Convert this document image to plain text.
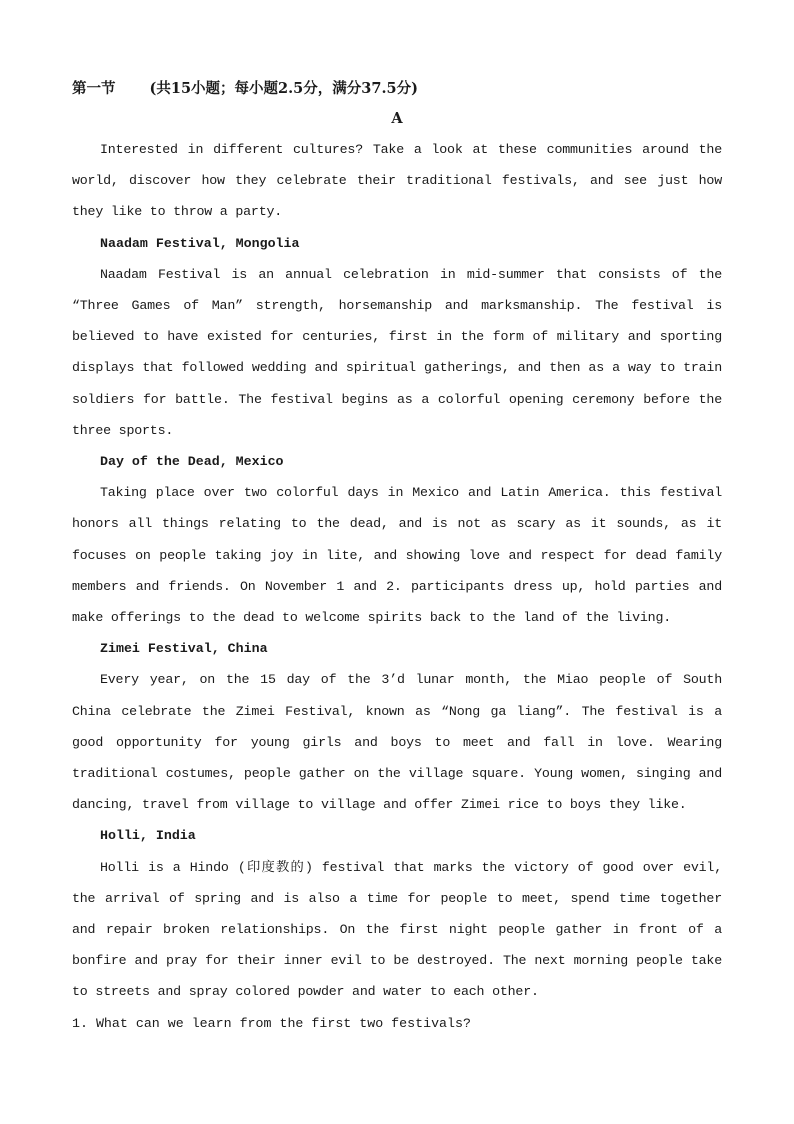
第一节 (共15小题；每小题2.5分，满分37.5分)
A

Interested in different cultures? Take a look at these communities around the world, discover how they celebrate their traditional festivals, and see just how they like to throw a party.

Naadam Festival, Mongolia

Naadam Festival is an annual celebration in mid-summer that consists of the “Three Games of Man” strength, horsemanship and marksmanship. The festival is believed to have existed for centuries, first in the form of military and sporting displays that followed wedding and spiritual gatherings, and then as a way to train soldiers for battle. The festival begins as a colorful opening ceremony before the three sports.

Day of the Dead, Mexico

Taking place over two colorful days in Mexico and Latin America. this festival honors all things relating to the dead, and is not as scary as it sounds, as it focuses on people taking joy in lite, and showing love and respect for dead family members and friends. On November 1 and 2. participants dress up, hold parties and make offerings to the dead to welcome spirits back to the land of the living.

Zimei Festival, China

Every year, on the 15 day of the 3’d lunar month, the Miao people of South China celebrate the Zimei Festival, known as “Nong ga liang”. The festival is a good opportunity for young girls and boys to meet and fall in love. Wearing traditional costumes, people gather on the village square. Young women, singing and dancing, travel from village to village and offer Zimei rice to boys they like.

Holli, India

Holli is a Hindo (印度教的) festival that marks the victory of good over evil, the arrival of spring and is also a time for people to meet, spend time together and repair broken relationships. On the first night people gather in front of a bonfire and pray for their inner evil to be destroyed. The next morning people take to streets and spray colored powder and water to each other.

1. What can we learn from the first two festivals?
